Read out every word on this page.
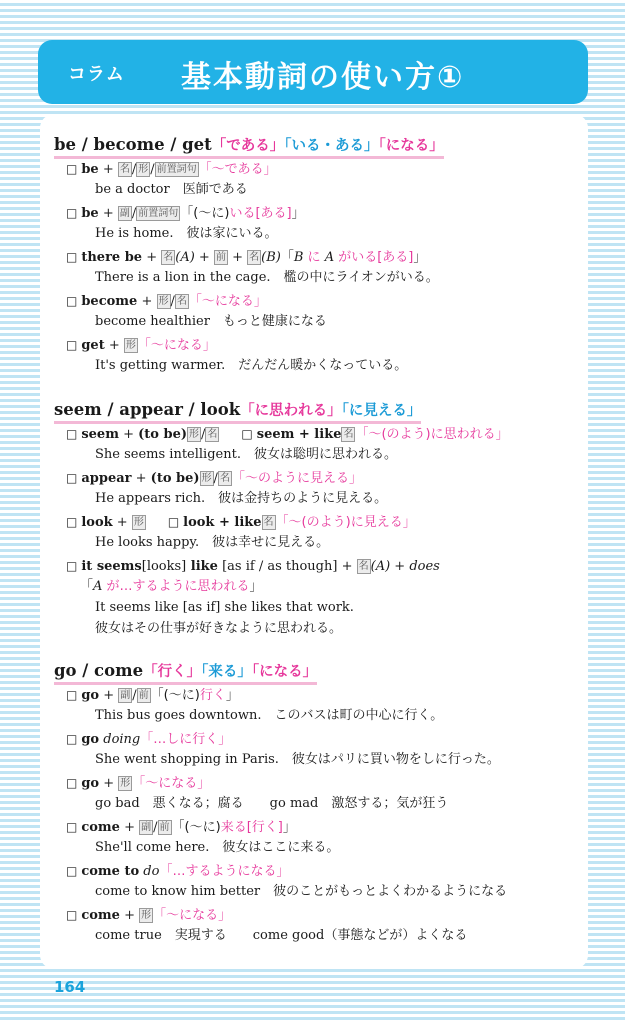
コラム 基本動詞の使い方①
be / become / get「である」「いる・ある」「になる」
□ be + 名 / 形 / 前置詞句 「～である」
be a doctor　医師である
□ be + 副 / 前置詞句 「(～に)いる[ある]」
He is home.　彼は家にいる。
□ there be + 名 (A) + 前 + 名 (B)「B に A がいる[ある]」
There is a lion in the cage.　檻の中にライオンがいる。
□ become + 形 / 名 「～になる」
become healthier　もっと健康になる
□ get + 形 「～になる」
It's getting warmer.　だんだん暖かくなっている。
seem / appear / look「に思われる」「に見える」
□ seem + (to be) 形 / 名 □ seem + like 名 「～(のよう)に思われる」
She seems intelligent.　彼女は聡明に思われる。
□ appear + (to be) 形 / 名 「～のように見える」
He appears rich.　彼は金持ちのように見える。
□ look + 形 □ look + like 名 「～(のよう)に見える」
He looks happy.　彼は幸せに見える。
□ it seems[looks] like [as if / as though] + 名 (A) + does
「A が…するように思われる」
It seems like [as if] she likes that work.
彼女はその仕事が好きなように思われる。
go / come「行く」「来る」「になる」
□ go + 副 / 前 「(～に)行く」
This bus goes downtown.　このバスは町の中心に行く。
□ go doing「…しに行く」
She went shopping in Paris.　彼女はパリに買い物をしに行った。
□ go + 形 「～になる」
go bad　悪くなる；腐る　　go mad　激怒する；気が狂う
□ come + 副 / 前 「(～に)来る[行く]」
She'll come here.　彼女はここに来る。
□ come to do「…するようになる」
come to know him better　彼のことがもっとよくわかるようになる
□ come + 形 「～になる」
come true　実現する　　come good（事態などが）よくなる
164
